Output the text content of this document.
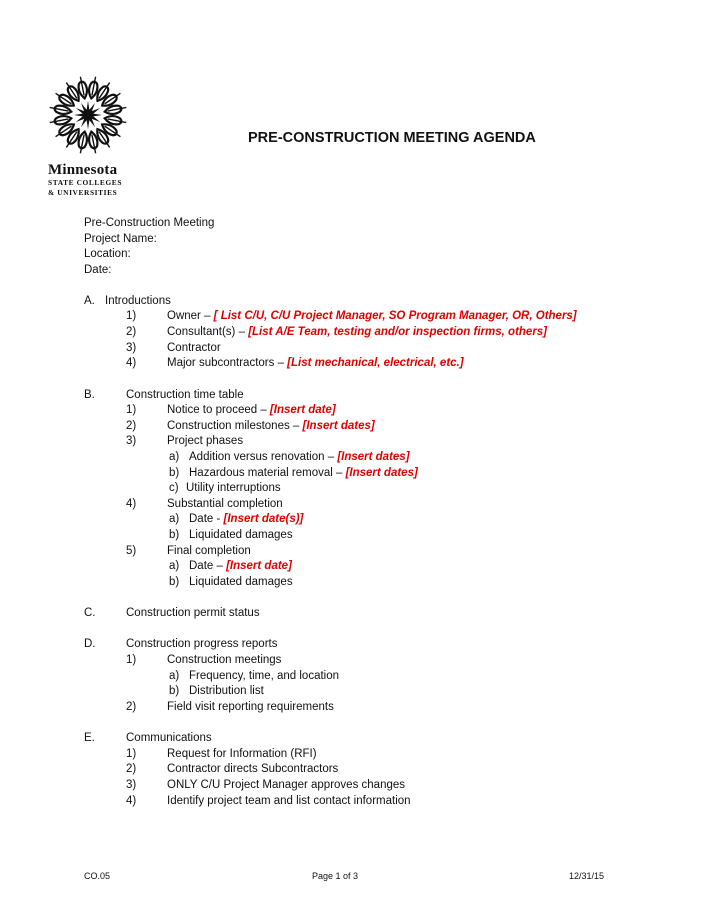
Minnesota
STATE COLLEGES
& UNIVERSITIES
PRE-CONSTRUCTION MEETING AGENDA
Pre-Construction Meeting
Project Name:
Location:
Date:
A. Introductions
1)	Owner – [ List C/U, C/U Project Manager, SO Program Manager, OR, Others]
2)	Consultant(s) – [List A/E Team, testing and/or inspection firms, others]
3)	Contractor
4)	Major subcontractors – [List mechanical, electrical, etc.]
B.	Construction time table
1)	Notice to proceed – [Insert date]
2)	Construction milestones – [Insert dates]
3)	Project phases
a) Addition versus renovation – [Insert dates]
b) Hazardous material removal – [Insert dates]
c) Utility interruptions
4)	Substantial completion
a) Date - [Insert date(s)]
b) Liquidated damages
5)	Final completion
a) Date – [Insert date]
b) Liquidated damages
C.	Construction permit status
D.	Construction progress reports
1)	Construction meetings
a) Frequency, time, and location
b) Distribution list
2)	Field visit reporting requirements
E.	Communications
1)	Request for Information (RFI)
2)	Contractor directs Subcontractors
3)	ONLY C/U Project Manager approves changes
4)	Identify project team and list contact information
CO.05	Page 1 of 3	12/31/15
